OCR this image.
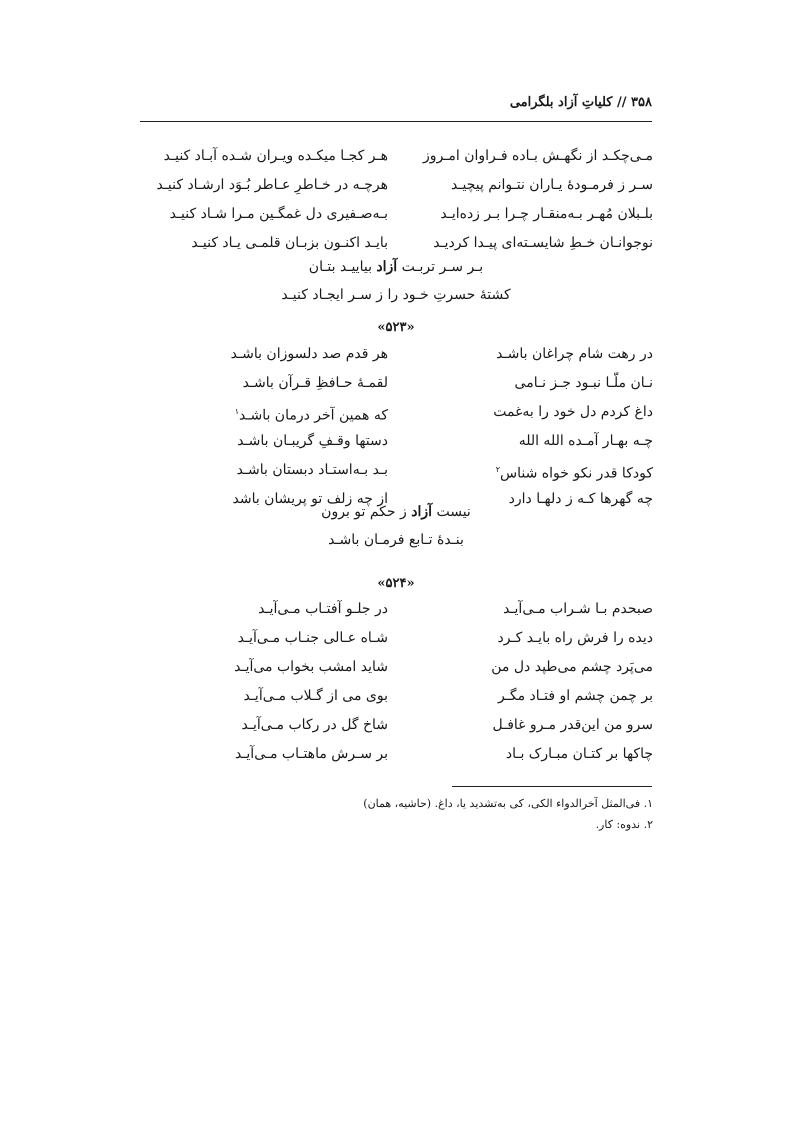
۳۵۸ // کلیاتِ آزاد بلگرامی
مـی‌چکـد از نگهـش بـاده فـراوان امـروز
هـر کجـا میکـده ویـران شـده آبـاد کنیـد
سـر ز فرمـودهٔ یـاران نتـوانم پیچیـد
هرچـه در خـاطرِ عـاطر بُـوَد ارشـاد کنیـد
بلـبلان مُهـر بـه‌منقـار چـرا بـر زده‌ایـد
بـه‌صـفیری دل غمگـین مـرا شـاد کنیـد
نوجوانـان خـطِ شایسـته‌ای پیـدا کردیـد
بایـد اکنـون بزبـان قلمـی یـاد کنیـد
بـر سـر تربـت آزاد بیاییـد بتـان
کشتهٔ حسرتِ خـود را ز سـر ایجـاد کنیـد
«۵۲۳»
در رهت شام چراغان باشـد
هر قدم صد دلسوزان باشـد
نـان ملّـا نبـود جـز نـامی
لقمـهٔ حـافظِ قـرآن باشـد
داغ کردم دل خود را به‌غمت
که همین آخر درمان باشـد$^۱$
چـه بهـار آمـده الله الله
دستها وقـفِ گریبـان باشـد
کودکا قدر نکو خواه شناس$^۲$
بـد بـه‌استـاد دبستان باشـد
چه گهرها کـه ز دلهـا دارد
از چه زلف تو پریشان باشد
نیست آزاد ز حکم تو برون
بنـدهٔ تـابع فرمـان باشـد
«۵۲۴»
صبحدم بـا شـراب مـی‌آیـد
در جلـو آفتـاب مـی‌آیـد
دیده را فرش راه بایـد کـرد
شـاه عـالی جنـاب مـی‌آیـد
می‌پَرد چشم می‌طپد دل من
شاید امشب بخواب می‌آیـد
بر چمن چشم او فتـاد مگـر
بوی می از گـلاب مـی‌آیـد
سرو من این‌قدر مـرو غافـل
شاخ گل در رکاب مـی‌آیـد
چاکها بر کتـان مبـارک بـاد
بر سـرش ماهتـاب مـی‌آیـد
۱. فی‌المثل آخرالدواء الکی، کی به‌تشدید یا، داغ. (حاشیه، همان)
۲. ندوه: کار.
